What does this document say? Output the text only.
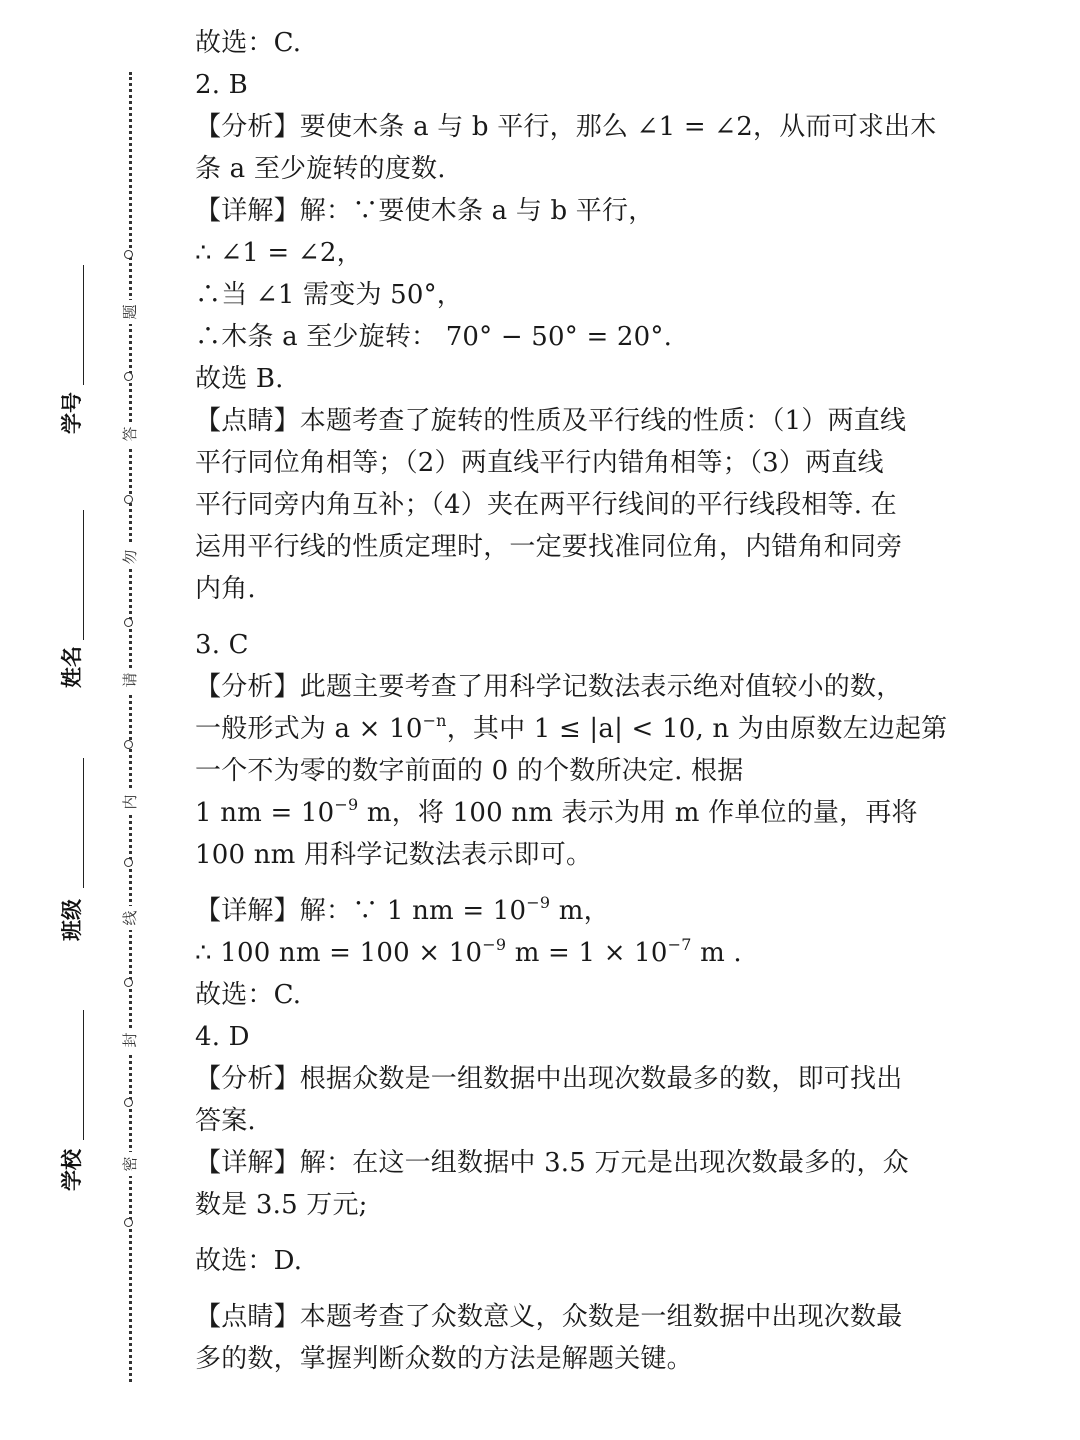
学号
姓名
班级
学校
题
答
勿
请
内
线
封
密
故选：C.
2. B
【分析】要使木条 a 与 b 平行，那么 ∠1 = ∠2，从而可求出木
条 a 至少旋转的度数.
【详解】解：∵要使木条 a 与 b 平行，
∴ ∠1 = ∠2，
∴当 ∠1 需变为 50°，
∴木条 a 至少旋转： 70° − 50° = 20°.
故选 B.
【点睛】本题考查了旋转的性质及平行线的性质：（1）两直线
平行同位角相等；（2）两直线平行内错角相等；（3）两直线
平行同旁内角互补；（4）夹在两平行线间的平行线段相等. 在
运用平行线的性质定理时，一定要找准同位角，内错角和同旁
内角.
3. C
【分析】此题主要考查了用科学记数法表示绝对值较小的数，
一般形式为 $a \times 10^{-n}$，其中 1 ≤ |a| < 10, n 为由原数左边起第
一个不为零的数字前面的 0 的个数所决定. 根据
1 nm = $10^{-9}$ m，将 100 nm 表示为用 m 作单位的量，再将
100 nm 用科学记数法表示即可。
【详解】解：∵ 1 nm = $10^{-9}$ m，
∴ 100 nm = $100 \times 10^{-9}$ $m = 1 \times 10^{-7}$ m .
故选：C.
4. D
【分析】根据众数是一组数据中出现次数最多的数，即可找出
答案.
【详解】解：在这一组数据中 3.5 万元是出现次数最多的，众
数是 3.5 万元;
故选：D.
【点睛】本题考查了众数意义，众数是一组数据中出现次数最
多的数，掌握判断众数的方法是解题关键。
